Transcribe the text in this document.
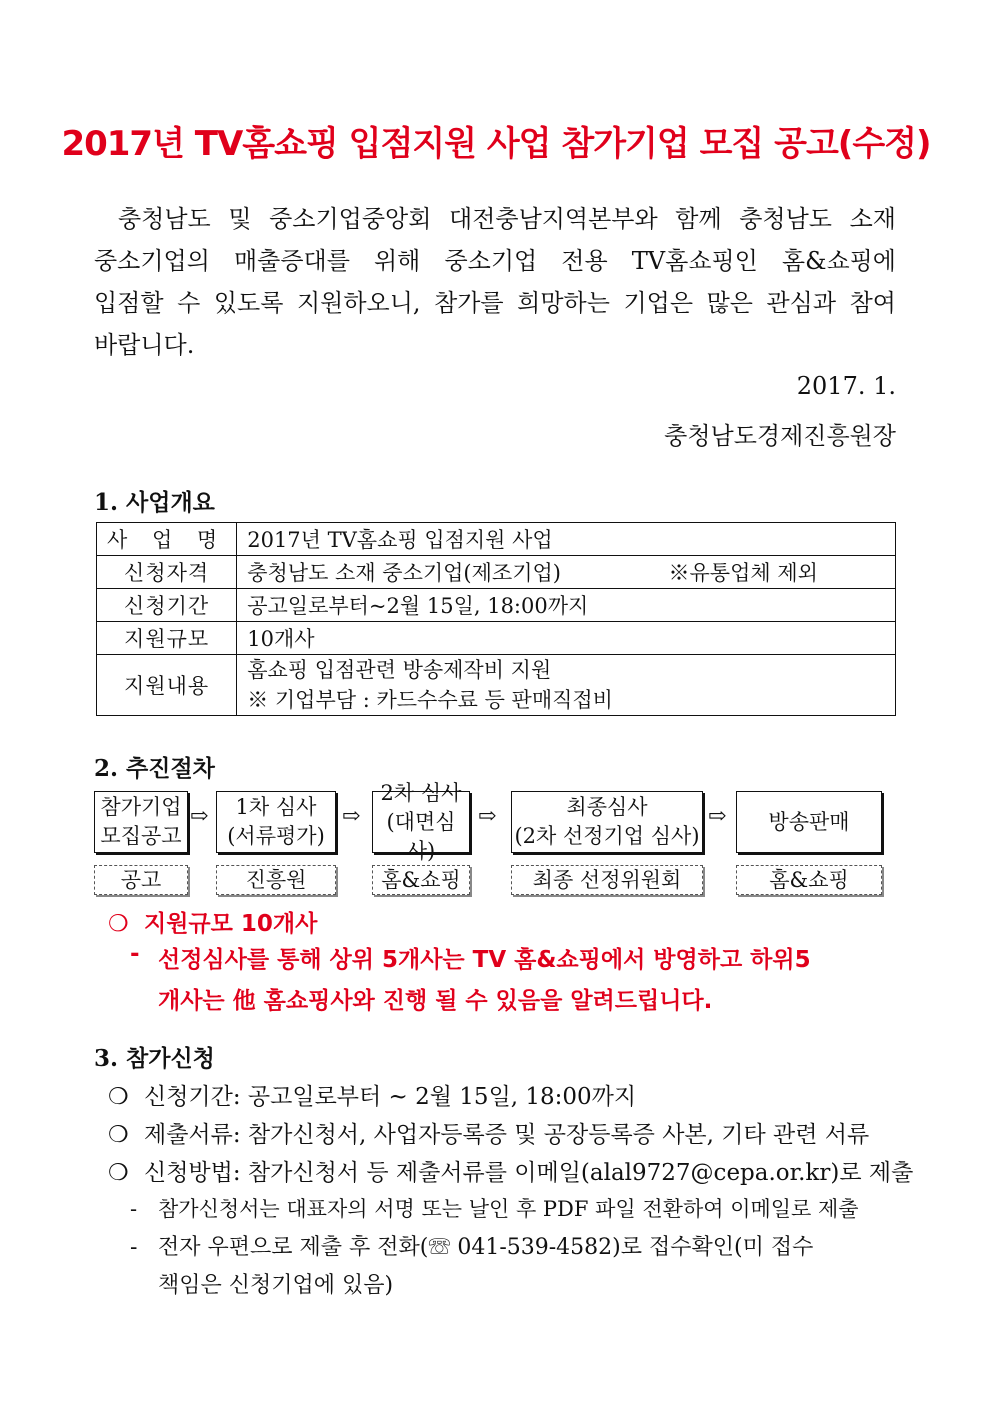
2017년 TV홈쇼핑 입점지원 사업 참가기업 모집 공고(수정)
충청남도 및 중소기업중앙회 대전충남지역본부와 함께 충청남도 소재
중소기업의 매출증대를 위해 중소기업 전용 TV홈쇼핑인 홈&쇼핑에
입점할 수 있도록 지원하오니, 참가를 희망하는 기업은 많은 관심과 참여
바랍니다.
2017. 1.
충청남도경제진흥원장
1. 사업개요
사 업 명	2017년 TV홈쇼핑 입점지원 사업
신청자격	충청남도 소재 중소기업(제조기업) ※유통업체 제외

신청기간	공고일로부터~2월 15일, 18:00까지
지원규모	10개사
지원내용	홈쇼핑 입점관련 방송제작비 지원
※ 기업부담 : 카드수수료 등 판매직접비
2. 추진절차
참가기업
모집공고
⇨	1차 심사
(서류평가)
⇨
2차 심사
(대면심사)
⇨	최종심사
(2차 선정기업 심사)
⇨	방송판매
공고	진흥원	홈&쇼핑	최종 선정위원회	홈&쇼핑
❍ 지원규모 10개사
- 선정심사를 통해 상위 5개사는 TV 홈&쇼핑에서 방영하고 하위5
개사는 他 홈쇼핑사와 진행 될 수 있음을 알려드립니다.
3. 참가신청
❍ 신청기간: 공고일로부터 ~ 2월 15일, 18:00까지
❍ 제출서류: 참가신청서, 사업자등록증 및 공장등록증 사본, 기타 관련 서류
❍ 신청방법: 참가신청서 등 제출서류를 이메일(alal9727@cepa.or.kr)로 제출
- 참가신청서는 대표자의 서명 또는 날인 후 PDF 파일 전환하여 이메일로 제출
- 전자 우편으로 제출 후 전화(☏ 041-539-4582)로 접수확인(미 접수
책임은 신청기업에 있음)
